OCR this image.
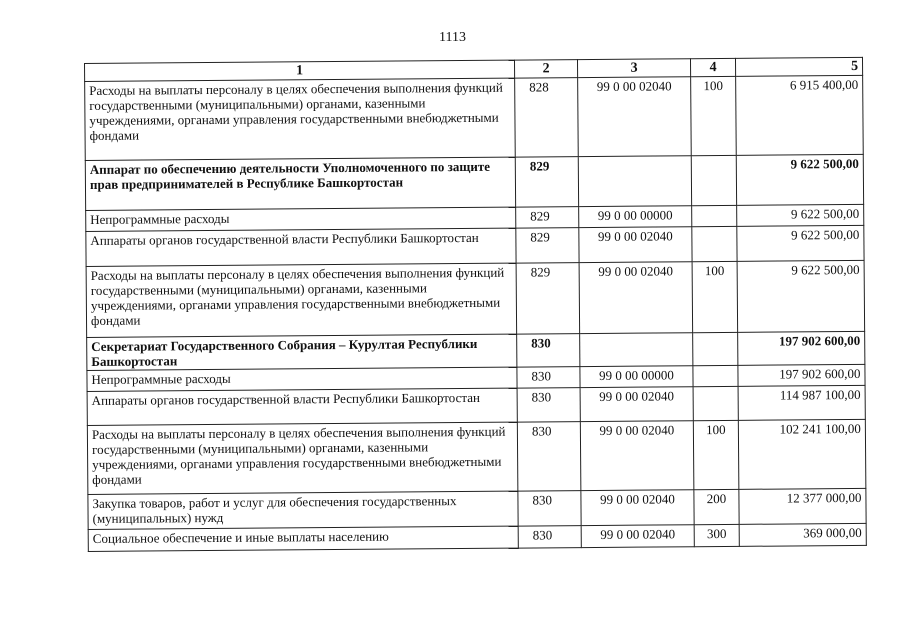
1113
1	2	3	4	5
Расходы на выплаты персоналу в целях обеспечения выполнения функций государственными (муниципальными) органами, казенными учреждениями, органами управления государственными внебюджетными фондами	828	99 0 00 02040	100	6 915 400,00
Аппарат по обеспечению деятельности Уполномоченного по защите прав предпринимателей в Республике Башкортостан	829			9 622 500,00
Непрограммные расходы	829	99 0 00 00000		9 622 500,00
Аппараты органов государственной власти Республики Башкортостан	829	99 0 00 02040		9 622 500,00
Расходы на выплаты персоналу в целях обеспечения выполнения функций государственными (муниципальными) органами, казенными учреждениями, органами управления государственными внебюджетными фондами	829	99 0 00 02040	100	9 622 500,00
Секретариат Государственного Собрания – Курултая Республики Башкортостан	830			197 902 600,00
Непрограммные расходы	830	99 0 00 00000		197 902 600,00
Аппараты органов государственной власти Республики Башкортостан	830	99 0 00 02040		114 987 100,00
Расходы на выплаты персоналу в целях обеспечения выполнения функций государственными (муниципальными) органами, казенными учреждениями, органами управления государственными внебюджетными фондами	830	99 0 00 02040	100	102 241 100,00
Закупка товаров, работ и услуг для обеспечения государственных (муниципальных) нужд	830	99 0 00 02040	200	12 377 000,00
Социальное обеспечение и иные выплаты населению	830	99 0 00 02040	300	369 000,00
